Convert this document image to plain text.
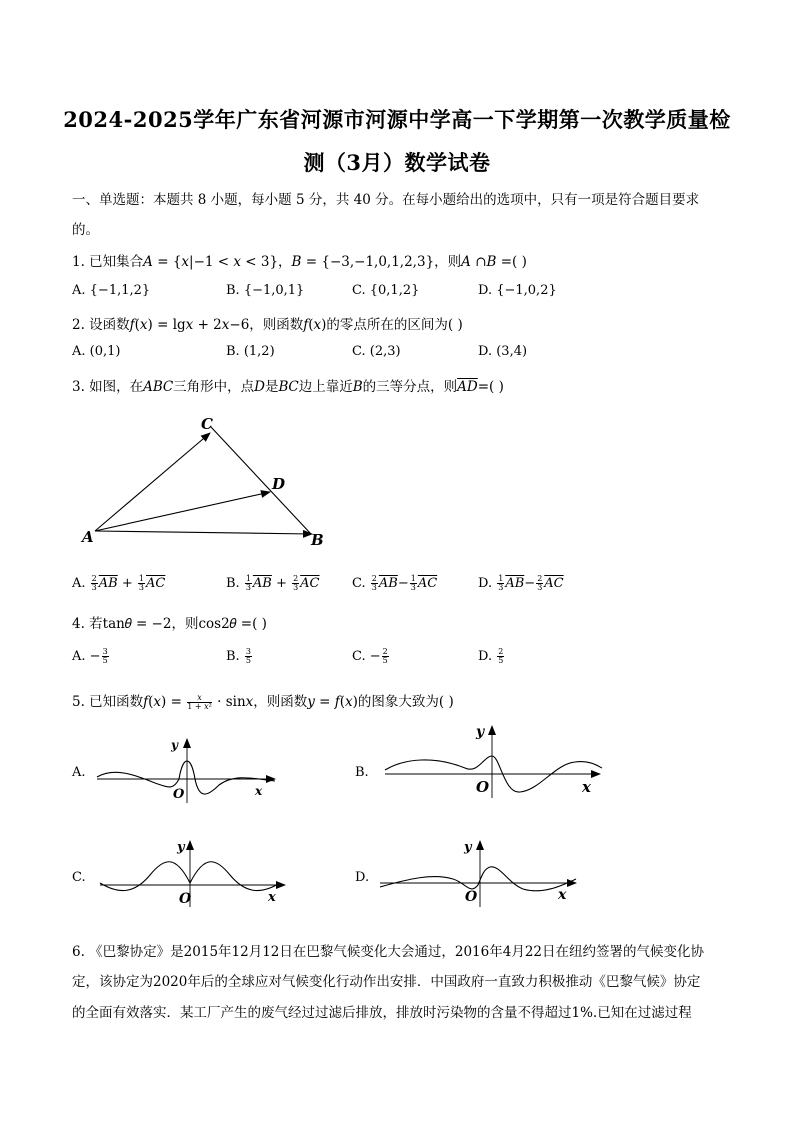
2024-2025学年广东省河源市河源中学高一下学期第一次教学质量检
测（3月）数学试卷
一、单选题：本题共 8 小题，每小题 5 分，共 40 分。在每小题给出的选项中，只有一项是符合题目要求
的。
1. 已知集合𝐴 = {𝑥|−1 < 𝑥 < 3}，𝐵 = {−3,−1,0,1,2,3}，则𝐴 ∩𝐵 =( )
A. {−1,1,2}	B. {−1,0,1}	C. {0,1,2}	D. {−1,0,2}
2. 设函数𝑓(𝑥) = lg𝑥 + 2𝑥−6，则函数𝑓(𝑥)的零点所在的区间为( )
A. (0,1)	B. (1,2)	C. (2,3)	D. (3,4)
3. 如图，在𝐴𝐵𝐶三角形中，点𝐷是𝐵𝐶边上靠近𝐵的三等分点，则$\overline{AD}=$( )
C
D
A	B
A. $\frac{2}{3} \overline{AB} + \frac{1}{3} \overline{AC}$	B. $\frac{1}{3} \overline{AB} + \frac{2}{3} \overline{AC}$	C. $\frac{2}{3} \overline{AB}- \frac{1}{3} \overline{AC}$	D. $\frac{1}{3} \overline{AB}- \frac{2}{3} \overline{AC}$
4. 若tan𝜃 = −2，则cos2𝜃 =( )
A. − $\frac{3}{5}$	B. $\frac{3}{5}$	C. − $\frac{2}{5}$	D. $\frac{2}{5}$
5. 已知函数𝑓(𝑥) = $\frac{\text{𝑥}}{\text{1 + 𝑥²}}$ · sin𝑥，则函数𝑦 = 𝑓(𝑥)的图象大致为( )
A.
y
x
O
B.
y
x
O
C.
y
x
O
D.
y
x
O
6. 《巴黎协定》是2015年12月12日在巴黎气候变化大会通过，2016年4月22日在纽约签署的气候变化协
定，该协定为2020年后的全球应对气候变化行动作出安排．中国政府一直致力积极推动《巴黎气候》协定
的全面有效落实．某工厂产生的废气经过过滤后排放，排放时污染物的含量不得超过1%.已知在过滤过程
